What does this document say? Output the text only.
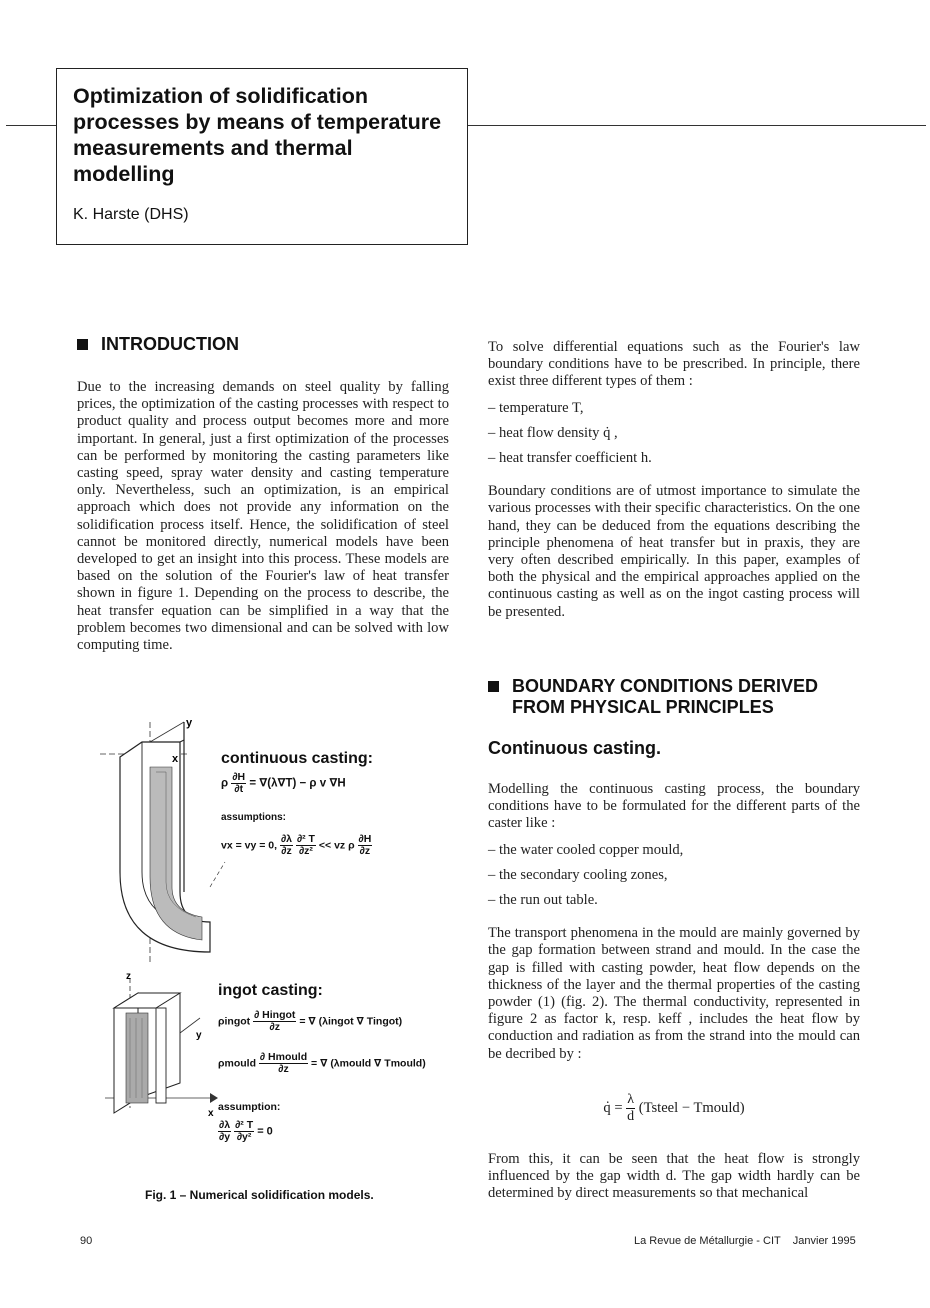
Optimization of solidification processes by means of temperature measurements and thermal modelling
K. Harste (DHS)
INTRODUCTION

Due to the increasing demands on steel quality by falling prices, the optimization of the casting processes with respect to product quality and process output becomes more and more important. In general, just a first optimization of the processes can be performed by monitoring the casting parameters like casting speed, spray water density and casting temperature only. Nevertheless, such an optimization, is an empirical approach which does not provide any information on the solidification process itself. Hence, the solidification of steel cannot be monitored directly, numerical models have been developed to get an insight into this process. These models are based on the solution of the Fourier's law of heat transfer shown in figure 1. Depending on the process to describe, the heat transfer equation can be simplified in a way that the problem becomes two dimensional and can be solved with low computing time.

y
x	continuous casting:
ρ $\frac{\partial H}{\partial t} = \nabla(\lambda\nabla T) - \rho$ v ∇H
assumptions:
vx = vy = 0, $\frac{\partial\lambda}{\partial z}$
$\frac{\text{∂² T}}{\text{∂z²}}$ << vz ρ $\frac{\partial H}{\partial z}$
z
y
x
ingot casting:
ρingot $\frac{\text{∂ Hingot}}{\partial z}$ = ∇ (λingot ∇ Tingot)
ρmould $\frac{\text{∂ Hmould}}{\partial z}$ = ∇ (λmould ∇ Tmould)
assumption:
$\frac{\partial\lambda}{\partial y}$
$\frac{\text{∂² T}}{\text{∂y²}} = 0$
Fig. 1 – Numerical solidification models.

To solve differential equations such as the Fourier's law boundary conditions have to be prescribed. In principle, there exist three different types of them :

– temperature T,
– heat flow density q̇ ,
– heat transfer coefficient h.

Boundary conditions are of utmost importance to simulate the various processes with their specific characteristics. On the one hand, they can be deduced from the equations describing the principle phenomena of heat transfer but in praxis, they are very often described empirically. In this paper, examples of both the physical and the empirical approaches applied on the continuous casting as well as on the ingot casting process will be presented.

BOUNDARY CONDITIONS DERIVED FROM PHYSICAL PRINCIPLES
Continuous casting.

Modelling the continuous casting process, the boundary conditions have to be formulated for the different parts of the caster like :

– the water cooled copper mould,
– the secondary cooling zones,
– the run out table.

The transport phenomena in the mould are mainly governed by the gap formation between strand and mould. In the case the gap is filled with casting powder, heat flow depends on the thickness of the layer and the thermal properties of the casting powder (1) (fig. 2). The thermal conductivity, represented in figure 2 as factor k, resp. keff , includes the heat flow by conduction and radiation as from the strand into the mould can be decribed by :

q̇ = $\frac{\lambda}{d}$ (Tsteel − Tmould)

From this, it can be seen that the heat flow is strongly influenced by the gap width d. The gap width hardly can be determined by direct measurements so that mechanical

90	La Revue de Métallurgie - CIT    Janvier 1995
